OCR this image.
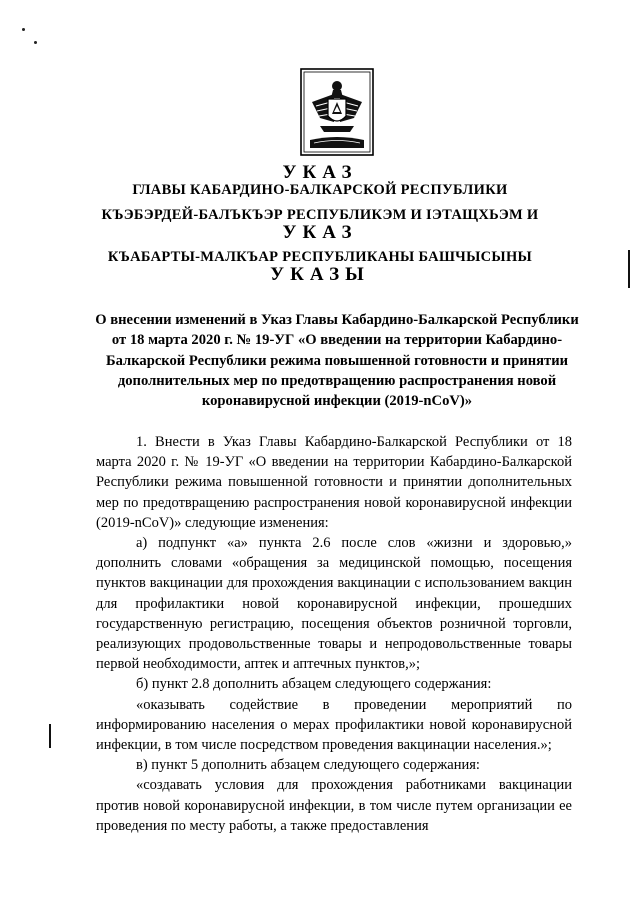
УКАЗ
ГЛАВЫ КАБАРДИНО-БАЛКАРСКОЙ РЕСПУБЛИКИ
КЪЭБЭРДЕЙ-БАЛЪКЪЭР РЕСПУБЛИКЭМ И ІЭТАЩХЬЭМ И
УКАЗ
КЪАБАРТЫ-МАЛКЪАР РЕСПУБЛИКАНЫ БАШЧЫСЫНЫ
УКАЗЫ
О внесении изменений в Указ Главы Кабардино-Балкарской Республики от 18 марта 2020 г. № 19-УГ «О введении на территории Кабардино-Балкарской Республики режима повышенной готовности и принятии дополнительных мер по предотвращению распространения новой коронавирусной инфекции (2019-nCoV)»

1. Внести в Указ Главы Кабардино-Балкарской Республики от 18 марта 2020 г. № 19-УГ «О введении на территории Кабардино-Балкарской Республики режима повышенной готовности и принятии дополнительных мер по предотвращению распространения новой коронавирусной инфекции (2019-nCoV)» следующие изменения:

а) подпункт «а» пункта 2.6 после слов «жизни и здоровью,» дополнить словами «обращения за медицинской помощью, посещения пунктов вакцинации для прохождения вакцинации с использованием вакцин для профилактики новой коронавирусной инфекции, прошедших государственную регистрацию, посещения объектов розничной торговли, реализующих продовольственные товары и непродовольственные товары первой необходимости, аптек и аптечных пунктов,»;

б) пункт 2.8 дополнить абзацем следующего содержания:

«оказывать содействие в проведении мероприятий по информированию населения о мерах профилактики новой коронавирусной инфекции, в том числе посредством проведения вакцинации населения.»;

в) пункт 5 дополнить абзацем следующего содержания:

«создавать условия для прохождения работниками вакцинации против новой коронавирусной инфекции, в том числе путем организации ее проведения по месту работы, а также предоставления
